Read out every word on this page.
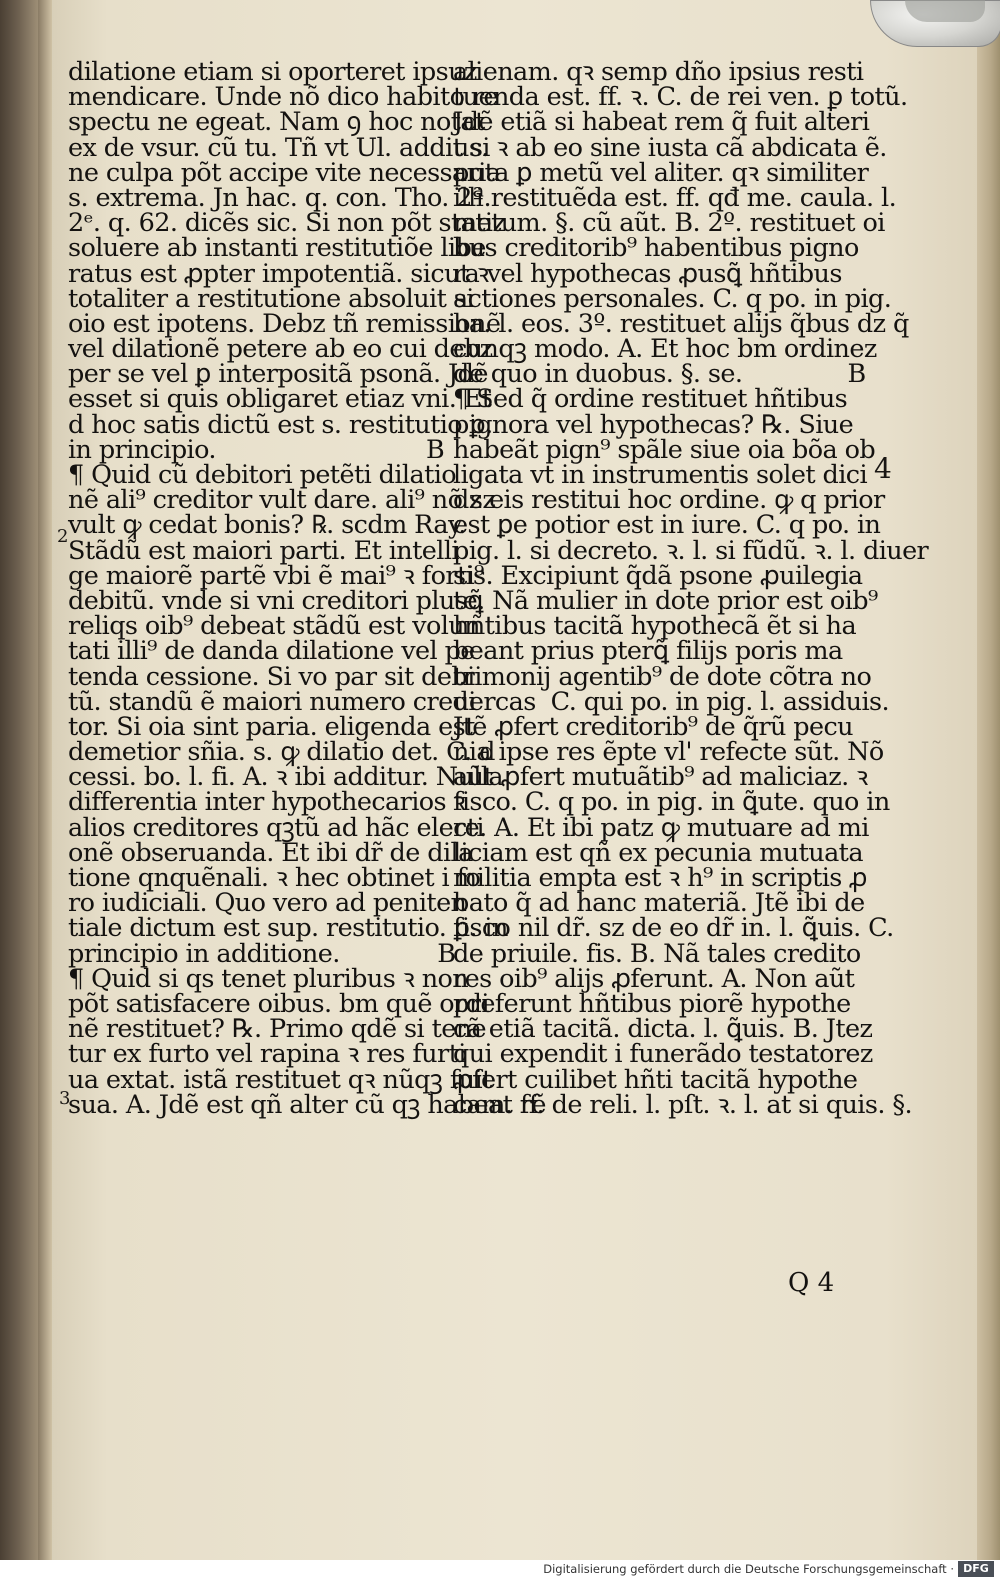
dilatione etiam si oporteret ipsuz
mendicare. Unde nõ dico habito re
spectu ne egeat. Nam ꝯ hoc notat
ex de vsur. cũ tu. Tñ vt Ul. addit si
ne culpa põt accipe vite necessaria
s. extrema. Jn hac. q. con. Tho. 2ª.
2ᵉ. q. 62. dicẽs sic. Si non põt statiz
soluere ab instanti restitutiõe libe
ratus est ꝓpter impotentiã. sicut ꝛ
totaliter a restitutione absoluit si
oio est ipotens. Debz tñ remissionẽ
vel dilationẽ petere ab eo cui debz
per se vel ꝑ interpositã psonã. Jdẽ
esset si quis obligaret etiaz vni. Et
d hoc satis dictũ est s. restitutio ꝑ.
in principio.                            B
¶ Quid cũ debitori petẽti dilatio
nẽ ali⁹ creditor vult dare. ali⁹ nõ sz
vult ꝙ cedat bonis? ℞. scdm Ray.
Stãdũ est maiori parti. Et intelli
ge maiorẽ partẽ vbi ẽ mai⁹ ꝛ forti⁹
debitũ. vnde si vni creditori plusꝗ̃
reliqs oib⁹ debeat stãdũ est volun
tati illi⁹ de danda dilatione vel pe
tenda cessione. Si vo par sit debi
tũ. standũ ẽ maiori numero credi
tor. Si oia sint paria. eligenda est
demetior sñia. s. ꝙ dilatio det. C. d
cessi. bo. l. fi. A. ꝛ ibi additur. Nulla
differentia inter hypothecarios ꝛ
alios creditores qꝫtũ ad hãc electi
onẽ obseruanda. Et ibi dr̃ de dila
tione qnquẽnali. ꝛ hec obtinet i fo
ro iudiciali. Quo vero ad peniten
tiale dictum est sup. restitutio. ꝑ. in
principio in additione.             B
¶ Quid si qs tenet pluribus ꝛ non
põt satisfacere oibus. bm quẽ ordi
nẽ restituet? ℞. Primo qdẽ si tene
tur ex furto vel rapina ꝛ res furti
ua extat. istã restituet qꝛ nũqꝫ fuit
sua. A. Jdẽ est qñ alter cũ qꝫ habeat rẽ
alienam. qꝛ semp dño ipsius resti
tuenda est. ff. ꝛ. C. de rei ven. ꝑ totũ.
Jdẽ etiã si habeat rem q̃ fuit alteri
us. ꝛ ab eo sine iusta cã abdicata ẽ.
puta ꝑ metũ vel aliter. qꝛ similiter
illi restituẽda est. ff. qđ me. caula. l.
metum. §. cũ aũt. B. 2º. restituet oi
bus creditorib⁹ habentibus pigno
ra vel hypothecas ꝓusꝗ̃ hñtibus
actiones personales. C. q po. in pig.
ha. l. eos. 3º. restituet alijs q̃bus dz q̃
cunqꝫ modo. A. Et hoc bm ordinez
de quo in duobus. §. se.              B
¶ Sed q̃ ordine restituet hñtibus
pignora vel hypothecas? ℞. Siue
habeãt pign⁹ spãle siue oia bõa ob
ligata vt in instrumentis solet dici
dz eis restitui hoc ordine. ꝙ q prior
est ꝑe potior est in iure. C. q po. in
pig. l. si decreto. ꝛ. l. si fũdũ. ꝛ. l. diuer
sis. Excipiunt q̃dã psone ꝓuilegia
te. Nã mulier in dote prior est oib⁹
hñtibus tacitã hypothecã ẽt si ha
beant prius pterꝗ̃ filijs poris ma
trimonij agentib⁹ de dote cõtra no
uercas  C. qui po. in pig. l. assiduis.
Jtẽ ꝓfert creditorib⁹ de q̃rũ pecu
nia ipse res ẽpte vl' refecte sũt. Nõ
aũt ꝓfert mutuãtib⁹ ad maliciaz. ꝛ
fisco. C. q po. in pig. in ꝗ̃ute. quo in
re. A. Et ibi patz ꝙ mutuare ad mi
liciam est qñ ex pecunia mutuata
militia empta est ꝛ h⁹ in scriptis ꝓ
bato q̃ ad hanc materiã. Jtẽ ibi de
fisco nil dr̃. sz de eo dr̃ in. l. ꝗ̃uis. C.
de priuile. fis. B. Nã tales credito
res oib⁹ alijs ꝓferunt. A. Non aũt
preferunt hñtibus piorẽ hypothe
cã etiã tacitã. dicta. l. ꝗ̃uis. B. Jtez
qui expendit i funerãdo testatorez
ꝓfert cuilibet hñti tacitã hypothe
cam. ff. de reli. l. pſt. ꝛ. l. at si quis. §.
2
3
4
Q 4
Digitalisierung gefördert durch die Deutsche Forschungsgemeinschaft · DFG
